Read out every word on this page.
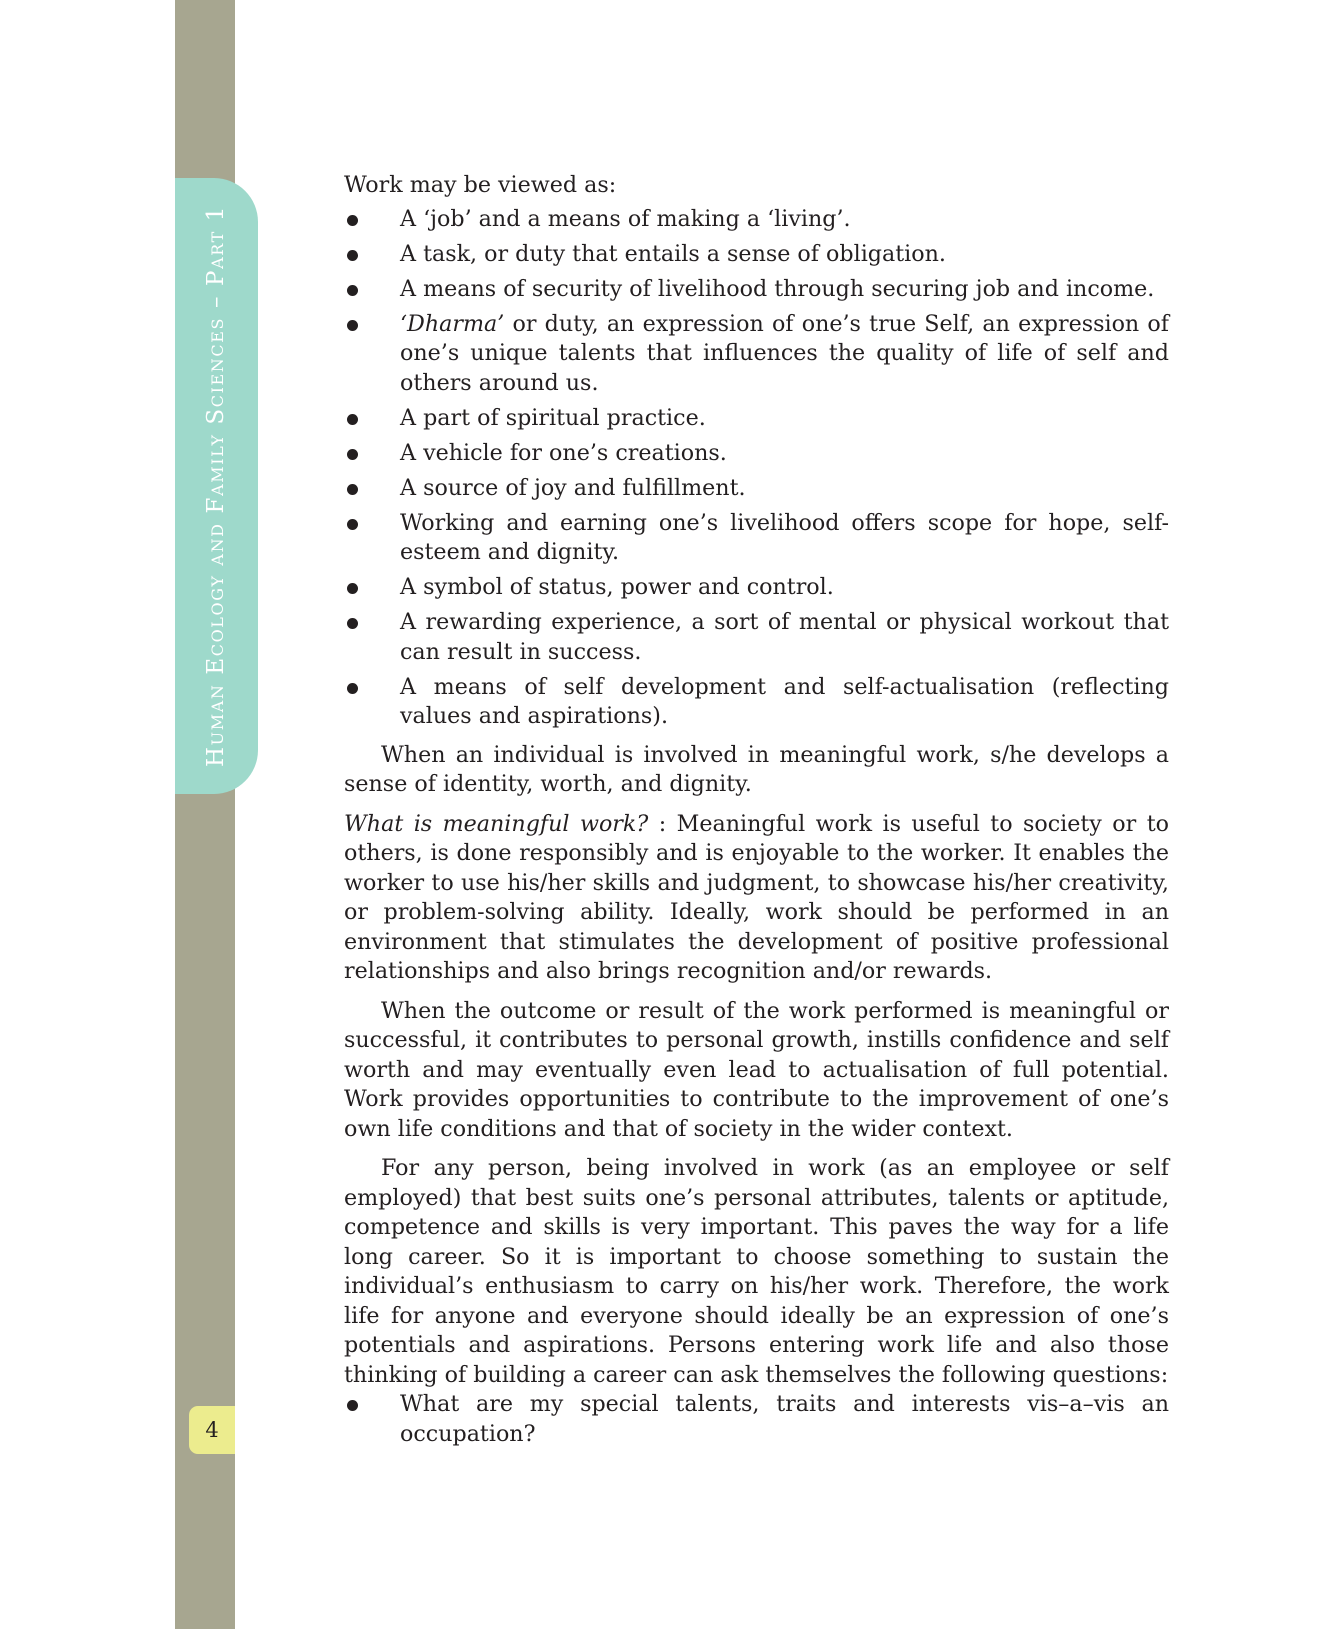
Human Ecology and Family Sciences – Part 1
4

Work may be viewed as:

A ‘job’ and a means of making a ‘living’.
A task, or duty that entails a sense of obligation.
A means of security of livelihood through securing job and income.
‘Dharma’ or duty, an expression of one’s true Self, an expression of one’s unique talents that influences the quality of life of self and others around us.
A part of spiritual practice.
A vehicle for one’s creations.
A source of joy and fulfillment.
Working and earning one’s livelihood offers scope for hope, self-esteem and dignity.
A symbol of status, power and control.
A rewarding experience, a sort of mental or physical workout that can result in success.
A means of self development and self-actualisation (reflecting values and aspirations).

When an individual is involved in meaningful work, s/he develops a sense of identity, worth, and dignity.

What is meaningful work? : Meaningful work is useful to society or to others, is done responsibly and is enjoyable to the worker. It enables the worker to use his/her skills and judgment, to showcase his/her creativity, or problem-solving ability. Ideally, work should be performed in an environment that stimulates the development of positive professional relationships and also brings recognition and/or rewards.

When the outcome or result of the work performed is meaningful or successful, it contributes to personal growth, instills confidence and self worth and may eventually even lead to actualisation of full potential. Work provides opportunities to contribute to the improvement of one’s own life conditions and that of society in the wider context.

For any person, being involved in work (as an employee or self employed) that best suits one’s personal attributes, talents or aptitude, competence and skills is very important. This paves the way for a life long career. So it is important to choose something to sustain the individual’s enthusiasm to carry on his/her work. Therefore, the work life for anyone and everyone should ideally be an expression of one’s potentials and aspirations. Persons entering work life and also those thinking of building a career can ask themselves the following questions:

What are my special talents, traits and interests vis–a–vis an occupation?
